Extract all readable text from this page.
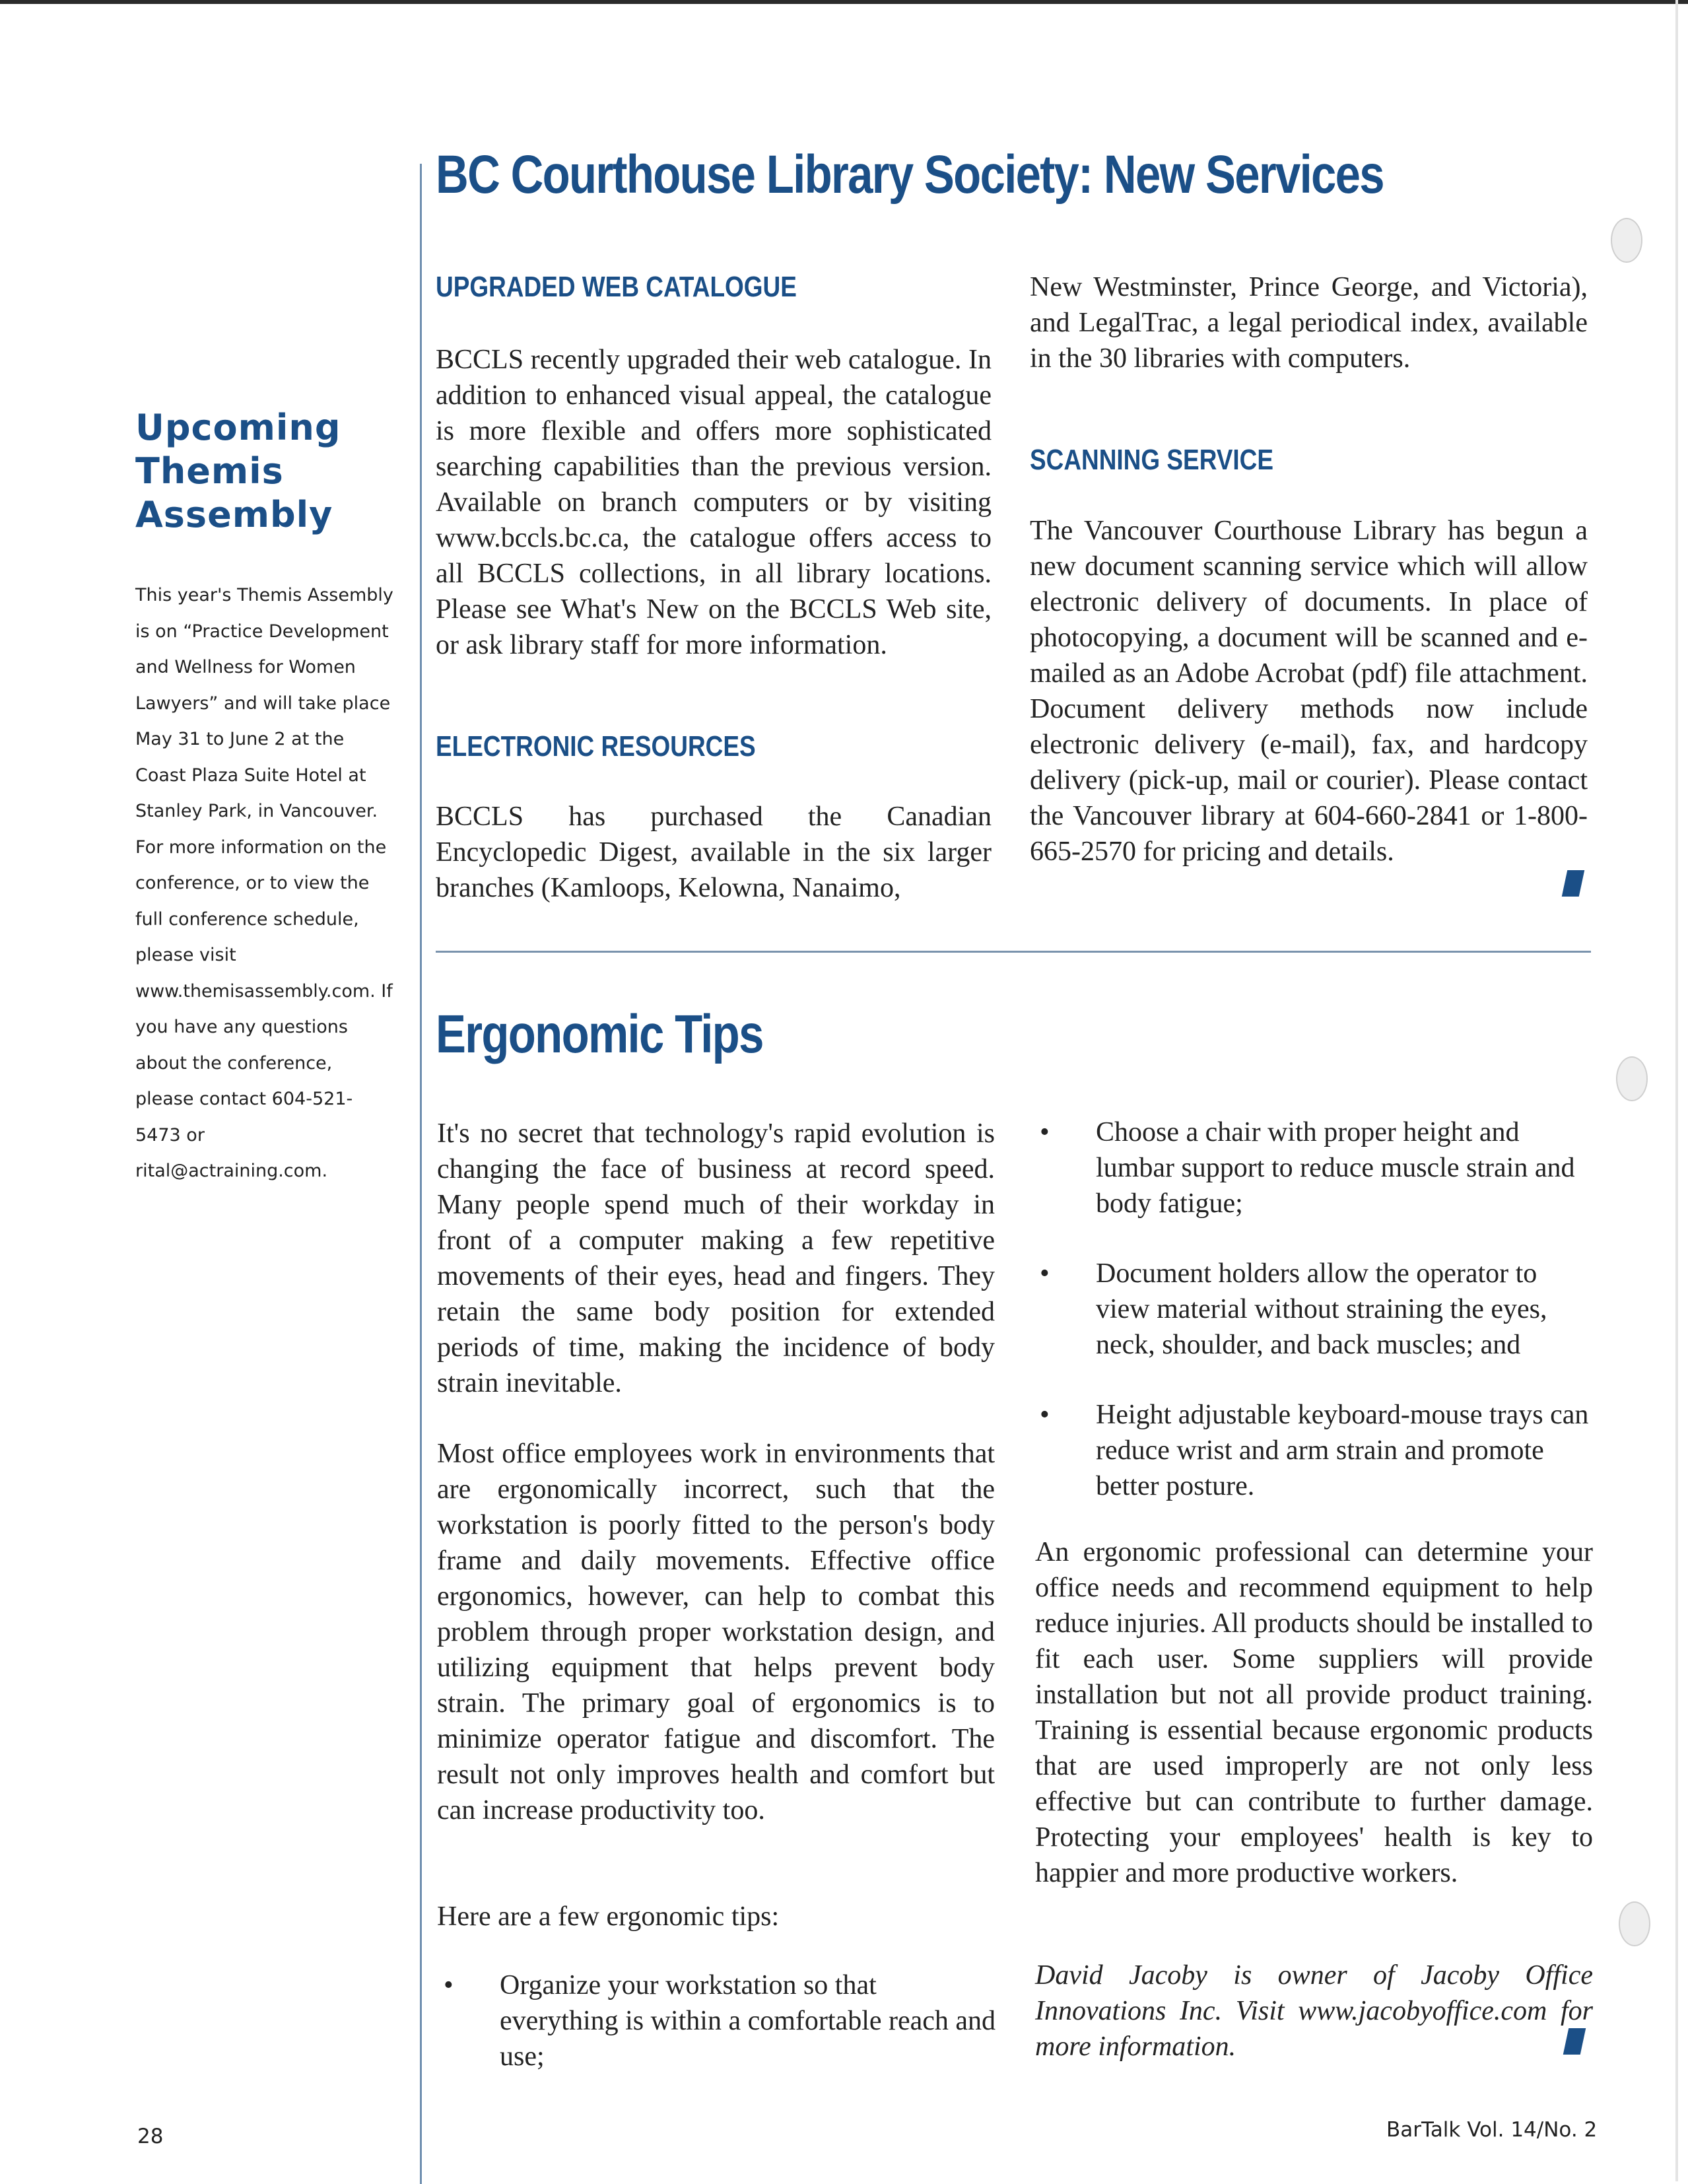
Upcoming Themis Assembly

This year's Themis Assembly is on “Practice Development and Wellness for Women Lawyers” and will take place May 31 to June 2 at the Coast Plaza Suite Hotel at Stanley Park, in Vancouver. For more information on the conference, or to view the full conference schedule, please visit www.themisassembly.com. If you have any questions about the conference, please contact 604-521-5473 or rital@actraining.com.

BC Courthouse Library Society: New Services
UPGRADED WEB CATALOGUE

BCCLS recently upgraded their web catalogue. In addition to enhanced visual appeal, the catalogue is more flexible and offers more sophisticated searching capabilities than the previous version. Available on branch computers or by visiting www.bccls.bc.ca, the catalogue offers access to all BCCLS collections, in all library locations. Please see What's New on the BCCLS Web site, or ask library staff for more information.

ELECTRONIC RESOURCES

BCCLS has purchased the Canadian Encyclopedic Digest, available in the six larger branches (Kamloops, Kelowna, Nanaimo,

New Westminster, Prince George, and Victoria), and LegalTrac, a legal periodical index, available in the 30 libraries with computers.

SCANNING SERVICE

The Vancouver Courthouse Library has begun a new document scanning service which will allow electronic delivery of documents. In place of photocopying, a document will be scanned and e-mailed as an Adobe Acrobat (pdf) file attachment. Document delivery methods now include electronic delivery (e-mail), fax, and hardcopy delivery (pick-up, mail or courier). Please contact the Vancouver library at 604-660-2841 or 1-800-665-2570 for pricing and details.

Ergonomic Tips

It's no secret that technology's rapid evolution is changing the face of business at record speed. Many people spend much of their workday in front of a computer making a few repetitive movements of their eyes, head and fingers. They retain the same body position for extended periods of time, making the incidence of body strain inevitable.

Most office employees work in environments that are ergonomically incorrect, such that the workstation is poorly fitted to the person's body frame and daily movements. Effective office ergonomics, however, can help to combat this problem through proper workstation design, and utilizing equipment that helps prevent body strain. The primary goal of ergonomics is to minimize operator fatigue and discomfort. The result not only improves health and comfort but can increase productivity too.

Here are a few ergonomic tips:

• Organize your workstation so that everything is within a comfortable reach and use;
• Choose a chair with proper height and lumbar support to reduce muscle strain and body fatigue;
• Document holders allow the operator to view material without straining the eyes, neck, shoulder, and back muscles; and
• Height adjustable keyboard-mouse trays can reduce wrist and arm strain and promote better posture.

An ergonomic professional can determine your office needs and recommend equipment to help reduce injuries. All products should be installed to fit each user. Some suppliers will provide installation but not all provide product training. Training is essential because ergonomic products that are used improperly are not only less effective but can contribute to further damage. Protecting your employees' health is key to happier and more productive workers.

David Jacoby is owner of Jacoby Office Innovations Inc. Visit www.jacobyoffice.com for more information.

28	BarTalk Vol. 14/No. 2
